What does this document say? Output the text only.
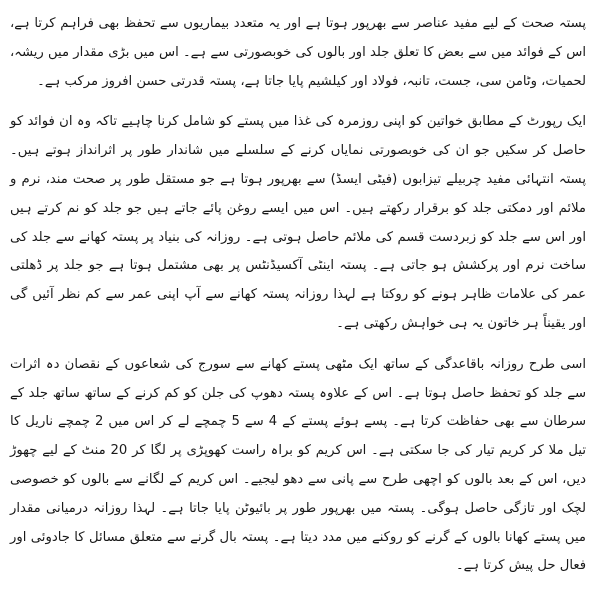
پستہ صحت کے لیے مفید عناصر سے بھرپور ہوتا ہے اور یہ متعدد بیماریوں سے تحفظ بھی فراہم کرتا ہے، اس کے فوائد میں سے بعض کا تعلق جلد اور بالوں کی خوبصورتی سے ہے۔ اس میں بڑی مقدار میں ریشہ، لحمیات، وٹامن سی، جست، تانبہ، فولاد اور کیلشیم پایا جاتا ہے، پستہ قدرتی حسن افروز مرکب ہے۔

ایک رپورٹ کے مطابق خواتین کو اپنی روزمرہ کی غذا میں پستے کو شامل کرنا چاہیے تاکہ وہ ان فوائد کو حاصل کر سکیں جو ان کی خوبصورتی نمایاں کرنے کے سلسلے میں شاندار طور پر اثرانداز ہوتے ہیں۔ پستہ انتہائی مفید چربیلے تیزابوں (فیٹی ایسڈ) سے بھرپور ہوتا ہے جو مستقل طور پر صحت مند، نرم و ملائم اور دمکتی جلد کو برقرار رکھتے ہیں۔ اس میں ایسے روغن پائے جاتے ہیں جو جلد کو نم کرتے ہیں اور اس سے جلد کو زبردست قسم کی ملائم حاصل ہوتی ہے۔ روزانہ کی بنیاد پر پستہ کھانے سے جلد کی ساخت نرم اور پرکشش ہو جاتی ہے۔ پستہ اینٹی آکسیڈنٹس پر بھی مشتمل ہوتا ہے جو جلد پر ڈھلتی عمر کی علامات ظاہر ہونے کو روکتا ہے لہذا روزانہ پستہ کھانے سے آپ اپنی عمر سے کم نظر آئیں گی اور یقیناً ہر خاتون یہ ہی خواہش رکھتی ہے۔

اسی طرح روزانہ باقاعدگی کے ساتھ ایک مٹھی پستے کھانے سے سورج کی شعاعوں کے نقصان دہ اثرات سے جلد کو تحفظ حاصل ہوتا ہے۔ اس کے علاوہ پستہ دھوپ کی جلن کو کم کرنے کے ساتھ ساتھ جلد کے سرطان سے بھی حفاظت کرتا ہے۔ پسے ہوئے پستے کے 4 سے 5 چمچے لے کر اس میں 2 چمچے ناریل کا تیل ملا کر کریم تیار کی جا سکتی ہے۔ اس کریم کو براہ راست کھوپڑی پر لگا کر 20 منٹ کے لیے چھوڑ دیں، اس کے بعد بالوں کو اچھی طرح سے پانی سے دھو لیجیے۔ اس کریم کے لگانے سے بالوں کو خصوصی لچک اور تازگی حاصل ہوگی۔ پستہ میں بھرپور طور پر بائیوٹن پایا جاتا ہے۔ لہذا روزانہ درمیانی مقدار میں پستے کھانا بالوں کے گرنے کو روکنے میں مدد دیتا ہے۔ پستہ بال گرنے سے متعلق مسائل کا جادوئی اور فعال حل پیش کرتا ہے۔
